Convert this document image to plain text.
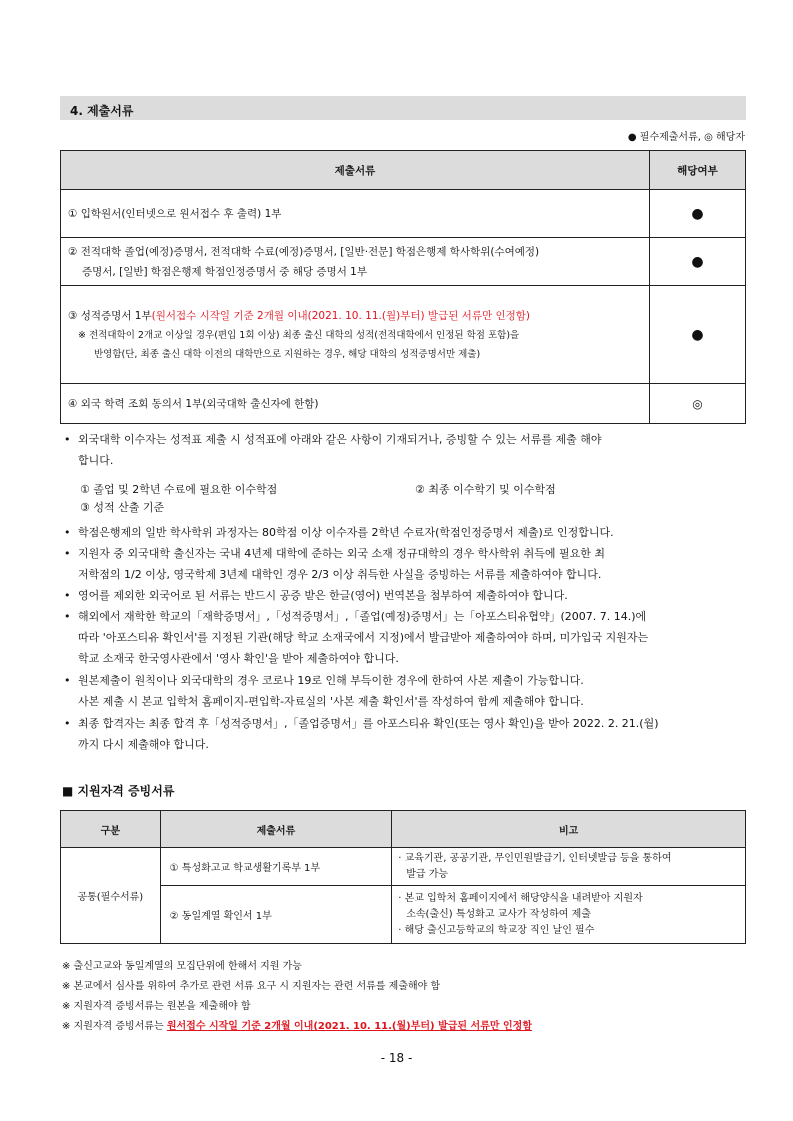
4. 제출서류
● 필수제출서류, ◎ 해당자
제출서류	해당여부
① 입학원서(인터넷으로 원서접수 후 출력) 1부	●

② 전적대학 졸업(예정)증명서, 전적대학 수료(예정)증명서, [일반·전문] 학점은행제 학사학위(수여예정)
증명서, [일반] 학점은행제 학점인정증명서 중 해당 증명서 1부	●

③ 성적증명서 1부(원서접수 시작일 기준 2개월 이내(2021. 10. 11.(월)부터) 발급된 서류만 인정함)
※ 전적대학이 2개교 이상일 경우(편입 1회 이상) 최종 출신 대학의 성적(전적대학에서 인정된 학점 포함)을
반영함(단, 최종 출신 대학 이전의 대학만으로 지원하는 경우, 해당 대학의 성적증명서만 제출)	●
④ 외국 학력 조회 동의서 1부(외국대학 출신자에 한함)	◎
• 외국대학 이수자는 성적표 제출 시 성적표에 아래와 같은 사항이 기재되거나, 증빙할 수 있는 서류를 제출 해야
합니다.
① 졸업 및 2학년 수료에 필요한 이수학점	② 최종 이수학기 및 이수학점
③ 성적 산출 기준
• 학점은행제의 일반 학사학위 과정자는 80학점 이상 이수자를 2학년 수료자(학점인정증명서 제출)로 인정합니다.
• 지원자 중 외국대학 출신자는 국내 4년제 대학에 준하는 외국 소재 정규대학의 경우 학사학위 취득에 필요한 최
저학점의 1/2 이상, 영국학제 3년제 대학인 경우 2/3 이상 취득한 사실을 증빙하는 서류를 제출하여야 합니다.
• 영어를 제외한 외국어로 된 서류는 반드시 공증 받은 한글(영어) 번역본을 첨부하여 제출하여야 합니다.
• 해외에서 재학한 학교의「재학증명서」,「성적증명서」,「졸업(예정)증명서」는「아포스티유협약」(2007. 7. 14.)에
따라 '아포스티유 확인서'를 지정된 기관(해당 학교 소재국에서 지정)에서 발급받아 제출하여야 하며, 미가입국 지원자는
학교 소재국 한국영사관에서 '영사 확인'을 받아 제출하여야 합니다.
• 원본제출이 원칙이나 외국대학의 경우 코로나 19로 인해 부득이한 경우에 한하여 사본 제출이 가능합니다.
사본 제출 시 본교 입학처 홈페이지-편입학-자료실의 '사본 제출 확인서'를 작성하여 함께 제출해야 합니다.
• 최종 합격자는 최종 합격 후「성적증명서」,「졸업증명서」를 아포스티유 확인(또는 영사 확인)을 받아 2022. 2. 21.(월)
까지 다시 제출해야 합니다.
■ 지원자격 증빙서류
구분	제출서류	비고
공통(필수서류)	① 특성화고교 학교생활기록부 1부	· 교육기관, 공공기관, 무인민원발급기, 인터넷발급 등을 통하여
발급 가능

	② 동일계열 확인서 1부	· 본교 입학처 홈페이지에서 해당양식을 내려받아 지원자
소속(출신) 특성화고 교사가 작성하여 제출
· 해당 출신고등학교의 학교장 직인 날인 필수
※ 출신고교와 동일계열의 모집단위에 한해서 지원 가능
※ 본교에서 심사를 위하여 추가로 관련 서류 요구 시 지원자는 관련 서류를 제출해야 함
※ 지원자격 증빙서류는 원본을 제출해야 함
※ 지원자격 증빙서류는 원서접수 시작일 기준 2개월 이내(2021. 10. 11.(월)부터) 발급된 서류만 인정함
- 18 -
